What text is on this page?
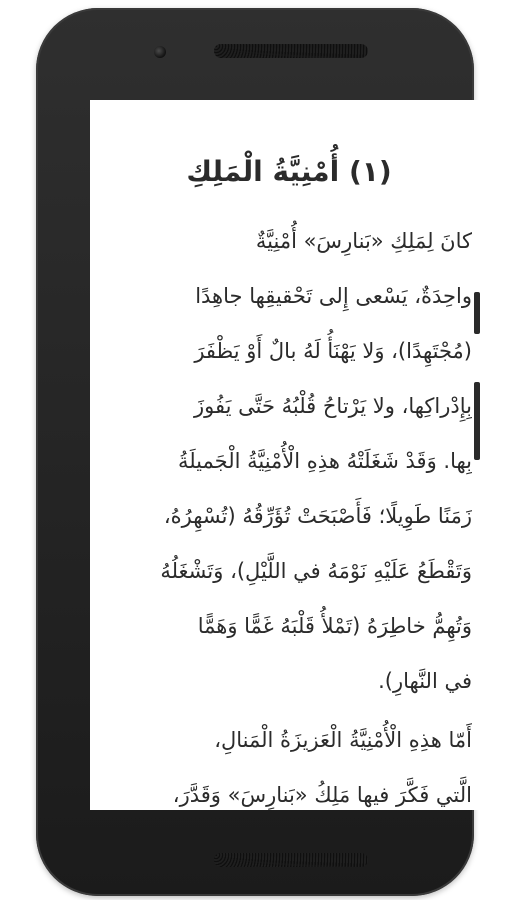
(١) أُمْنِيَّةُ الْمَلِكِ
كانَ لِمَلِكِ «بَنارِسَ» أُمْنِيَّةٌ
واحِدَةٌ، يَسْعى إِلى تَحْقيقِها جاهِدًا
(مُجْتَهِدًا)، وَلا يَهْنَأُ لَهُ بالٌ أَوْ يَظْفَرَ
بِإِدْراكِها، ولا يَرْتاحُ قُلْبُهُ حَتَّى يَفُوزَ
بِها. وَقَدْ شَغَلَتْهُ هذِهِ الْأُمْنِيَّةُ الْجَميلَةُ
زَمَنًا طَوِيلًا؛ فَأَصْبَحَتْ تُؤَرِّقُهُ (تُسْهِرُهُ،
وَتَقْطَعُ عَلَيْهِ نَوْمَهُ في اللَّيْلِ)، وَتَشْغَلُهُ
وَتُهِمُّ خاطِرَهُ (تَمْلأُ قَلْبَهُ غَمًّا وَهَمًّا
في النَّهارِ).
أَمّا هذِهِ الْأُمْنِيَّةُ الْعَزيزَةُ الْمَنالِ،
الَّتي فَكَّرَ فيها مَلِكُ «بَنارِسَ» وَقَدَّرَ،
